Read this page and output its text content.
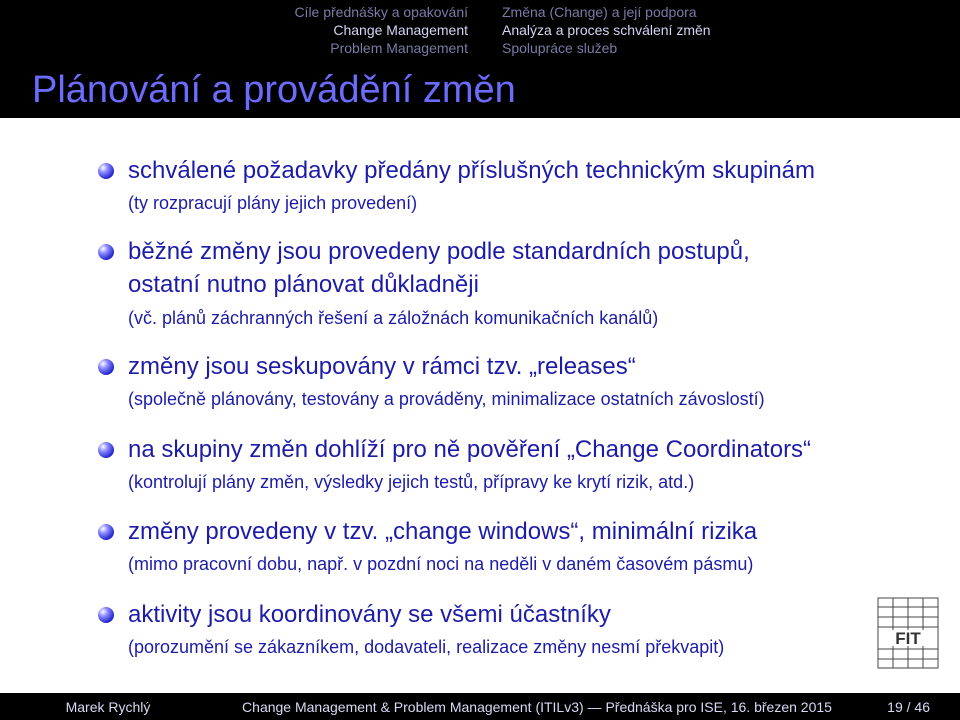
Cíle přednášky a opakování
Change Management
Problem Management
Změna (Change) a její podpora
Analýza a proces schválení změn
Spolupráce služeb
Plánování a provádění změn
schválené požadavky předány příslušných technickým skupinám
(ty rozpracují plány jejich provedení)
běžné změny jsou provedeny podle standardních postupů,
ostatní nutno plánovat důkladněji
(vč. plánů záchranných řešení a záložnách komunikačních kanálů)
změny jsou seskupovány v rámci tzv. „releases“
(společně plánovány, testovány a prováděny, minimalizace ostatních závoslostí)
na skupiny změn dohlíží pro ně pověření „Change Coordinators“
(kontrolují plány změn, výsledky jejich testů, přípravy ke krytí rizik, atd.)
změny provedeny v tzv. „change windows“, minimální rizika
(mimo pracovní dobu, např. v pozdní noci na neděli v daném časovém pásmu)
aktivity jsou koordinovány se všemi účastníky
(porozumění se zákazníkem, dodavateli, realizace změny nesmí překvapit)	FIT
Marek Rychlý	Change Management & Problem Management (ITILv3) — Přednáška pro ISE, 16. březen 2015	19 / 46
